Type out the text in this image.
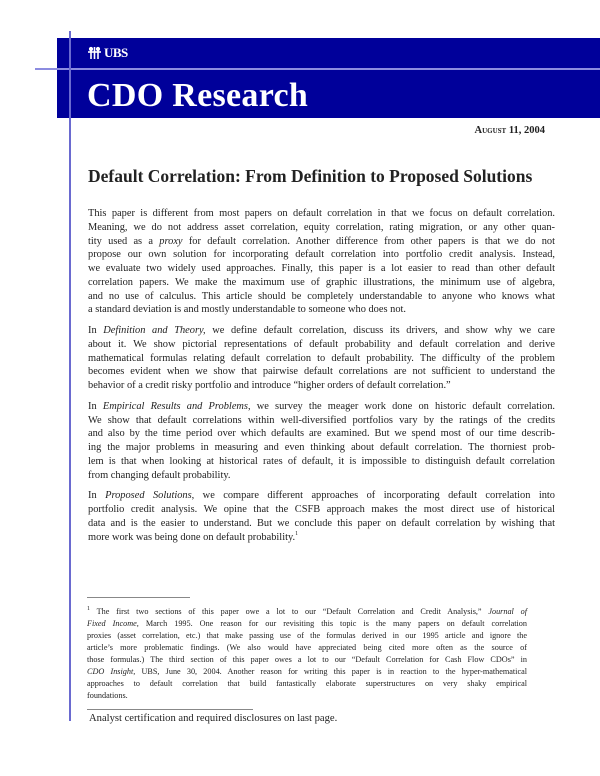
UBS
CDO Research
August 11, 2004
Default Correlation: From Definition to Proposed Solutions
This paper is different from most papers on default correlation in that we focus on default correlation.
Meaning, we do not address asset correlation, equity correlation, rating migration, or any other quan-
tity used as a proxy for default correlation. Another difference from other papers is that we do not
propose our own solution for incorporating default correlation into portfolio credit analysis. Instead,
we evaluate two widely used approaches. Finally, this paper is a lot easier to read than other default
correlation papers. We make the maximum use of graphic illustrations, the minimum use of algebra,
and no use of calculus. This article should be completely understandable to anyone who knows what
a standard deviation is and mostly understandable to someone who does not.
In Definition and Theory, we define default correlation, discuss its drivers, and show why we care
about it. We show pictorial representations of default probability and default correlation and derive
mathematical formulas relating default correlation to default probability. The difficulty of the problem
becomes evident when we show that pairwise default correlations are not sufficient to understand the
behavior of a credit risky portfolio and introduce “higher orders of default correlation.”
In Empirical Results and Problems, we survey the meager work done on historic default correlation.
We show that default correlations within well-diversified portfolios vary by the ratings of the credits
and also by the time period over which defaults are examined. But we spend most of our time describ-
ing the major problems in measuring and even thinking about default correlation. The thorniest prob-
lem is that when looking at historical rates of default, it is impossible to distinguish default correlation
from changing default probability.
In Proposed Solutions, we compare different approaches of incorporating default correlation into
portfolio credit analysis. We opine that the CSFB approach makes the most direct use of historical
data and is the easier to understand. But we conclude this paper on default correlation by wishing that
more work was being done on default probability.$^1$
$^1$ The first two sections of this paper owe a lot to our “Default Correlation and Credit Analysis,” Journal of
Fixed Income, March 1995. One reason for our revisiting this topic is the many papers on default correlation
proxies (asset correlation, etc.) that make passing use of the formulas derived in our 1995 article and ignore the
article’s more problematic findings. (We also would have appreciated being cited more often as the source of
those formulas.) The third section of this paper owes a lot to our “Default Correlation for Cash Flow CDOs” in
CDO Insight, UBS, June 30, 2004. Another reason for writing this paper is in reaction to the hyper-mathematical
approaches to default correlation that build fantastically elaborate superstructures on very shaky empirical
foundations.
Analyst certification and required disclosures on last page.
